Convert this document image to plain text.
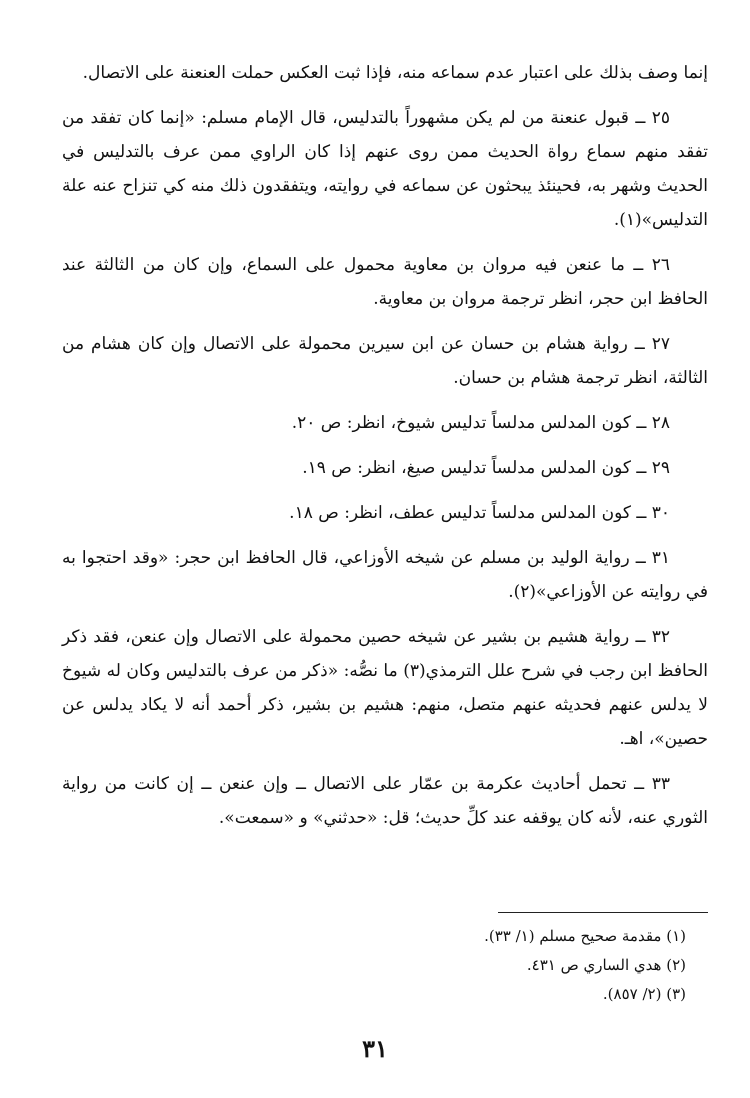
إنما وصف بذلك على اعتبار عدم سماعه منه، فإذا ثبت العكس حملت العنعنة على الاتصال.

٢٥ ــ قبول عنعنة من لم يكن مشهوراً بالتدليس، قال الإمام مسلم: «إنما كان تفقد من تفقد منهم سماع رواة الحديث ممن روى عنهم إذا كان الراوي ممن عرف بالتدليس في الحديث وشهر به، فحينئذ يبحثون عن سماعه في روايته، ويتفقدون ذلك منه كي تنزاح عنه علة التدليس»(١).

٢٦ ــ ما عنعن فيه مروان بن معاوية محمول على السماع، وإن كان من الثالثة عند الحافظ ابن حجر، انظر ترجمة مروان بن معاوية.

٢٧ ــ رواية هشام بن حسان عن ابن سيرين محمولة على الاتصال وإن كان هشام من الثالثة، انظر ترجمة هشام بن حسان.

٢٨ ــ كون المدلس مدلساً تدليس شيوخ، انظر: ص ٢٠.

٢٩ ــ كون المدلس مدلساً تدليس صيغ، انظر: ص ١٩.

٣٠ ــ كون المدلس مدلساً تدليس عطف، انظر: ص ١٨.

٣١ ــ رواية الوليد بن مسلم عن شيخه الأوزاعي، قال الحافظ ابن حجر: «وقد احتجوا به في روايته عن الأوزاعي»(٢).

٣٢ ــ رواية هشيم بن بشير عن شيخه حصين محمولة على الاتصال وإن عنعن، فقد ذكر الحافظ ابن رجب في شرح علل الترمذي(٣) ما نصُّه: «ذكر من عرف بالتدليس وكان له شيوخ لا يدلس عنهم فحديثه عنهم متصل، منهم: هشيم بن بشير، ذكر أحمد أنه لا يكاد يدلس عن حصين»، اهـ.

٣٣ ــ تحمل أحاديث عكرمة بن عمّار على الاتصال ــ وإن عنعن ــ إن كانت من رواية الثوري عنه، لأنه كان يوقفه عند كلِّ حديث؛ قل: «حدثني» و «سمعت».

(١) مقدمة صحيح مسلم (١/ ٣٣).

(٢) هدي الساري ص ٤٣١.

(٣) (٢/ ٨٥٧).

٣١
